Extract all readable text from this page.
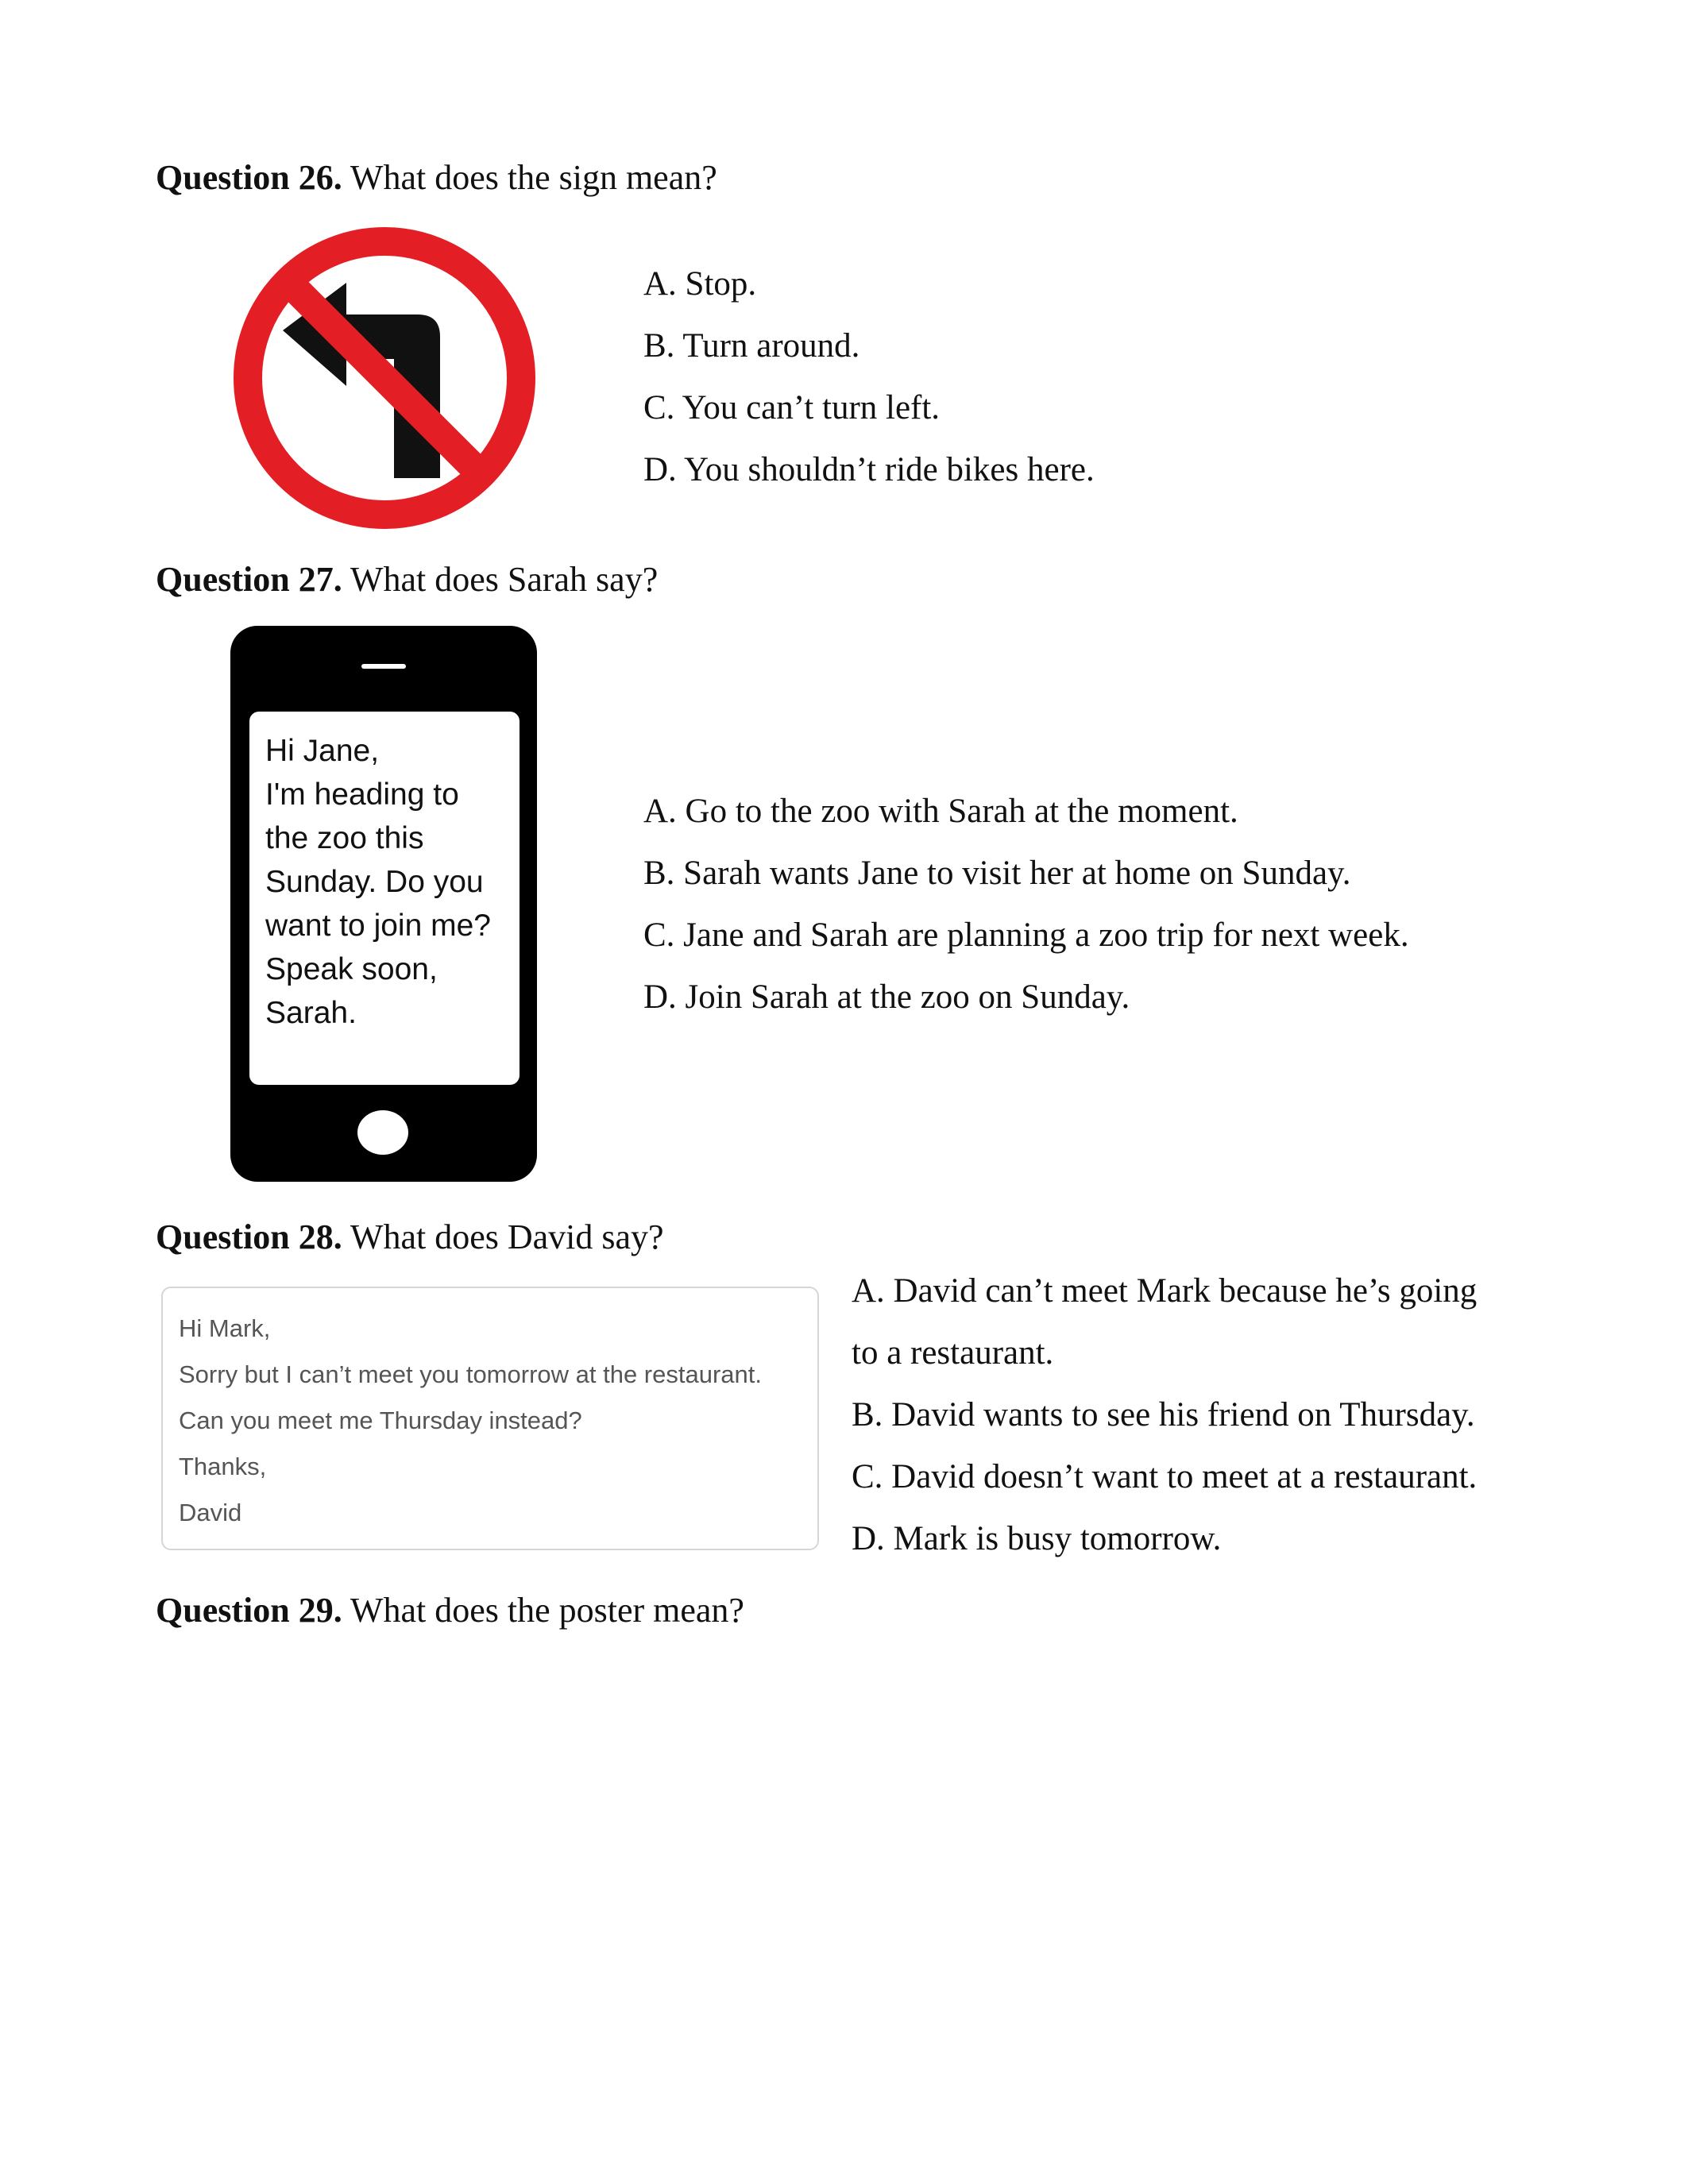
Question 26. What does the sign mean?
A. Stop.
B. Turn around.
C. You can’t turn left.
D. You shouldn’t ride bikes here.
Question 27. What does Sarah say?
Hi Jane,
I'm heading to
the zoo this
Sunday. Do you
want to join me?
Speak soon,
Sarah.
A. Go to the zoo with Sarah at the moment.
B. Sarah wants Jane to visit her at home on Sunday.
C. Jane and Sarah are planning a zoo trip for next week.
D. Join Sarah at the zoo on Sunday.
Question 28. What does David say?
Hi Mark,
Sorry but I can’t meet you tomorrow at the restaurant.
Can you meet me Thursday instead?
Thanks,
David
A. David can’t meet Mark because he’s going
to a restaurant.
B. David wants to see his friend on Thursday.
C. David doesn’t want to meet at a restaurant.
D. Mark is busy tomorrow.
Question 29. What does the poster mean?
